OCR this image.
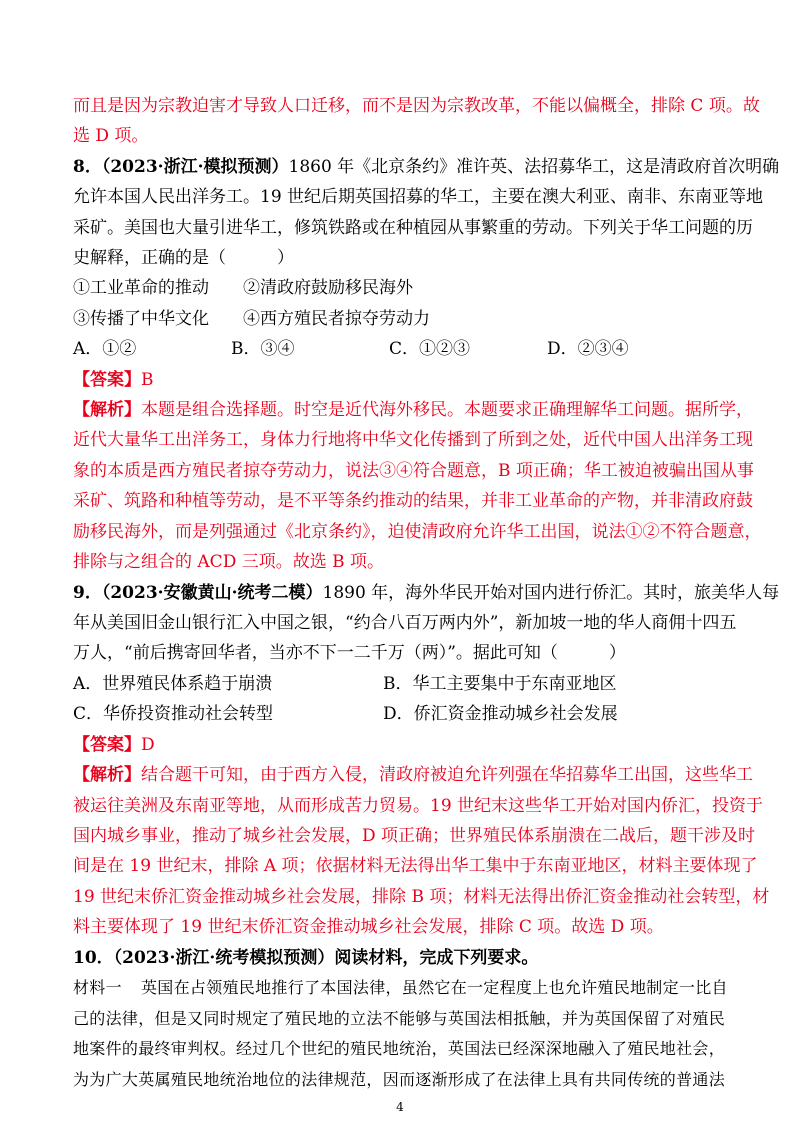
而且是因为宗教迫害才导致人口迁移，而不是因为宗教改革，不能以偏概全，排除 C 项。故
选 D 项。
8．（2023·浙江·模拟预测）1860 年《北京条约》准许英、法招募华工，这是清政府首次明确
允许本国人民出洋务工。19 世纪后期英国招募的华工，主要在澳大利亚、南非、东南亚等地
采矿。美国也大量引进华工，修筑铁路或在种植园从事繁重的劳动。下列关于华工问题的历
史解释，正确的是（　　　）
①工业革命的推动　　②清政府鼓励移民海外
③传播了中华文化　　④西方殖民者掠夺劳动力
A．①②	B．③④	C．①②③	D．②③④
【答案】B
【解析】本题是组合选择题。时空是近代海外移民。本题要求正确理解华工问题。据所学，
近代大量华工出洋务工，身体力行地将中华文化传播到了所到之处，近代中国人出洋务工现
象的本质是西方殖民者掠夺劳动力，说法③④符合题意，B 项正确；华工被迫被骗出国从事
采矿、筑路和种植等劳动，是不平等条约推动的结果，并非工业革命的产物，并非清政府鼓
励移民海外，而是列强通过《北京条约》，迫使清政府允许华工出国，说法①②不符合题意，
排除与之组合的 ACD 三项。故选 B 项。
9．（2023·安徽黄山·统考二模）1890 年，海外华民开始对国内进行侨汇。其时，旅美华人每
年从美国旧金山银行汇入中国之银，“约合八百万两内外”，新加坡一地的华人商佣十四五
万人，“前后携寄回华者，当亦不下一二千万（两）”。据此可知（　　　）
A．世界殖民体系趋于崩溃	B．华工主要集中于东南亚地区
C．华侨投资推动社会转型	D．侨汇资金推动城乡社会发展
【答案】D
【解析】结合题干可知，由于西方入侵，清政府被迫允许列强在华招募华工出国，这些华工
被运往美洲及东南亚等地，从而形成苦力贸易。19 世纪末这些华工开始对国内侨汇，投资于
国内城乡事业，推动了城乡社会发展，D 项正确；世界殖民体系崩溃在二战后，题干涉及时
间是在 19 世纪末，排除 A 项；依据材料无法得出华工集中于东南亚地区，材料主要体现了
19 世纪末侨汇资金推动城乡社会发展，排除 B 项；材料无法得出侨汇资金推动社会转型，材
料主要体现了 19 世纪末侨汇资金推动城乡社会发展，排除 C 项。故选 D 项。
10．（2023·浙江·统考模拟预测）阅读材料，完成下列要求。
材料一 英国在占领殖民地推行了本国法律，虽然它在一定程度上也允许殖民地制定一比自
己的法律，但是又同时规定了殖民地的立法不能够与英国法相抵触，并为英国保留了对殖民
地案件的最终审判权。经过几个世纪的殖民地统治，英国法已经深深地融入了殖民地社会，
为为广大英属殖民地统治地位的法律规范，因而逐渐形成了在法律上具有共同传统的普通法
4
